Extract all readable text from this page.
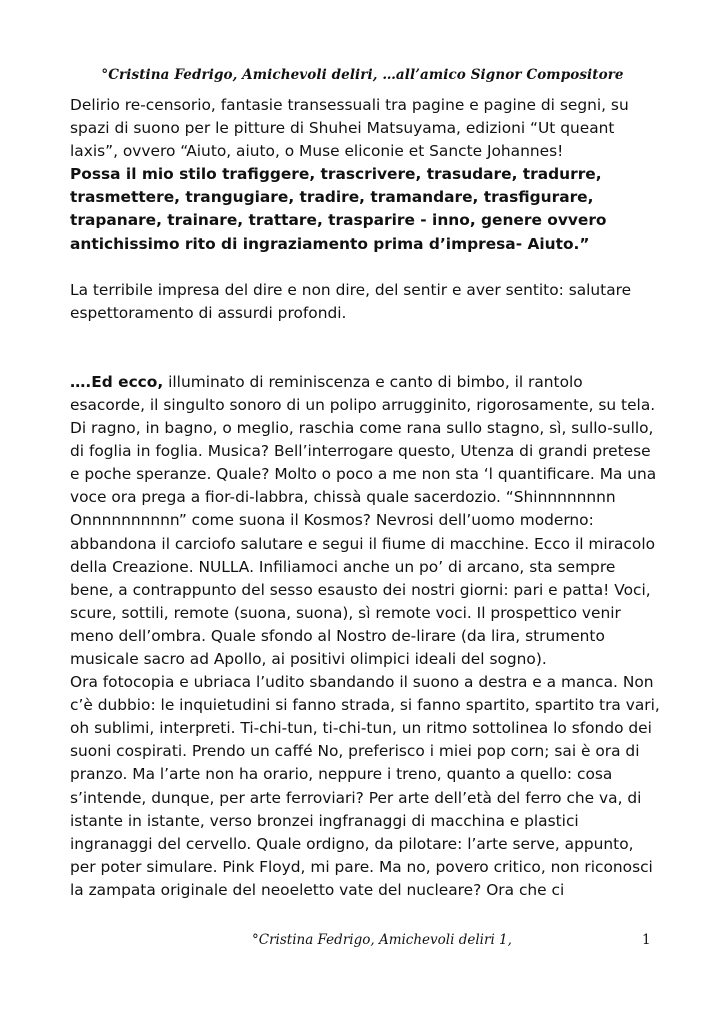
°Cristina Fedrigo, Amichevoli deliri, …all’amico Signor Compositore

Delirio re-censorio, fantasie transessuali tra pagine e pagine di segni, su spazi di suono per le pitture di Shuhei Matsuyama, edizioni “Ut queant laxis”, ovvero “Aiuto, aiuto, o Muse eliconie et Sancte Johannes!

Possa il mio stilo trafiggere, trascrivere, trasudare, tradurre, trasmettere, trangugiare, tradire, tramandare, trasfigurare, trapanare, trainare, trattare, trasparire - inno, genere ovvero antichissimo rito di ingraziamento prima d’impresa- Aiuto.”

La terribile impresa del dire e non dire, del sentir e aver sentito: salutare espettoramento di assurdi profondi.

….Ed ecco, illuminato di reminiscenza e canto di bimbo, il rantolo esacorde, il singulto sonoro di un polipo arrugginito, rigorosamente, su tela. Di ragno, in bagno, o meglio, raschia come rana sullo stagno, sì, sullo-sullo, di foglia in foglia. Musica? Bell’interrogare questo, Utenza di grandi pretese e poche speranze. Quale? Molto o poco a me non sta ‘l quantificare. Ma una voce ora prega a fior-di-labbra, chissà quale sacerdozio. “Shinnnnnnnn Onnnnnnnnnn” come suona il Kosmos? Nevrosi dell’uomo moderno: abbandona il carciofo salutare e segui il fiume di macchine. Ecco il miracolo della Creazione. NULLA. Infiliamoci anche un po’ di arcano, sta sempre bene, a contrappunto del sesso esausto dei nostri giorni: pari e patta! Voci, scure, sottili, remote (suona, suona), sì remote voci. Il prospettico venir meno dell’ombra. Quale sfondo al Nostro de-lirare (da lira, strumento musicale sacro ad Apollo, ai positivi olimpici ideali del sogno).

Ora fotocopia e ubriaca l’udito sbandando il suono a destra e a manca. Non c’è dubbio: le inquietudini si fanno strada, si fanno spartito, spartito tra vari, oh sublimi, interpreti. Ti-chi-tun, ti-chi-tun, un ritmo sottolinea lo sfondo dei suoni cospirati. Prendo un caffé No, preferisco i miei pop corn; sai è ora di pranzo. Ma l’arte non ha orario, neppure i treno, quanto a quello: cosa s’intende, dunque, per arte ferroviari? Per arte dell’età del ferro che va, di istante in istante, verso bronzei ingfranaggi di macchina e plastici ingranaggi del cervello. Quale ordigno, da pilotare: l’arte serve, appunto, per poter simulare. Pink Floyd, mi pare. Ma no, povero critico, non riconosci la zampata originale del neoeletto vate del nucleare? Ora che ci

°Cristina Fedrigo, Amichevoli deliri 1,	1
